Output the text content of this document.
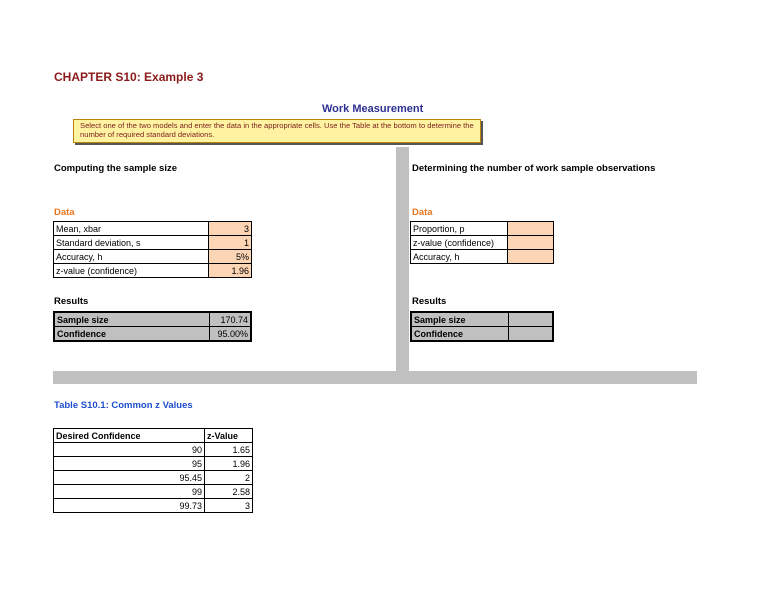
CHAPTER S10: Example 3
Work Measurement
Select one of the two models and enter the data in the appropriate cells. Use the Table at the bottom to determine the number of required standard deviations.
Computing the sample size
Data
Mean, xbar	3
Standard deviation, s	1
Accuracy, h	5%
z-value (confidence)	1.96
Results
Sample size	170.74
Confidence	95.00%
Determining the number of work sample observations
Data
Proportion, p	
z-value (confidence)	
Accuracy, h	
Results
Sample size	
Confidence	
Table S10.1: Common z Values
Desired Confidence	z-Value
90	1.65
95	1.96
95.45	2
99	2.58
99.73	3
